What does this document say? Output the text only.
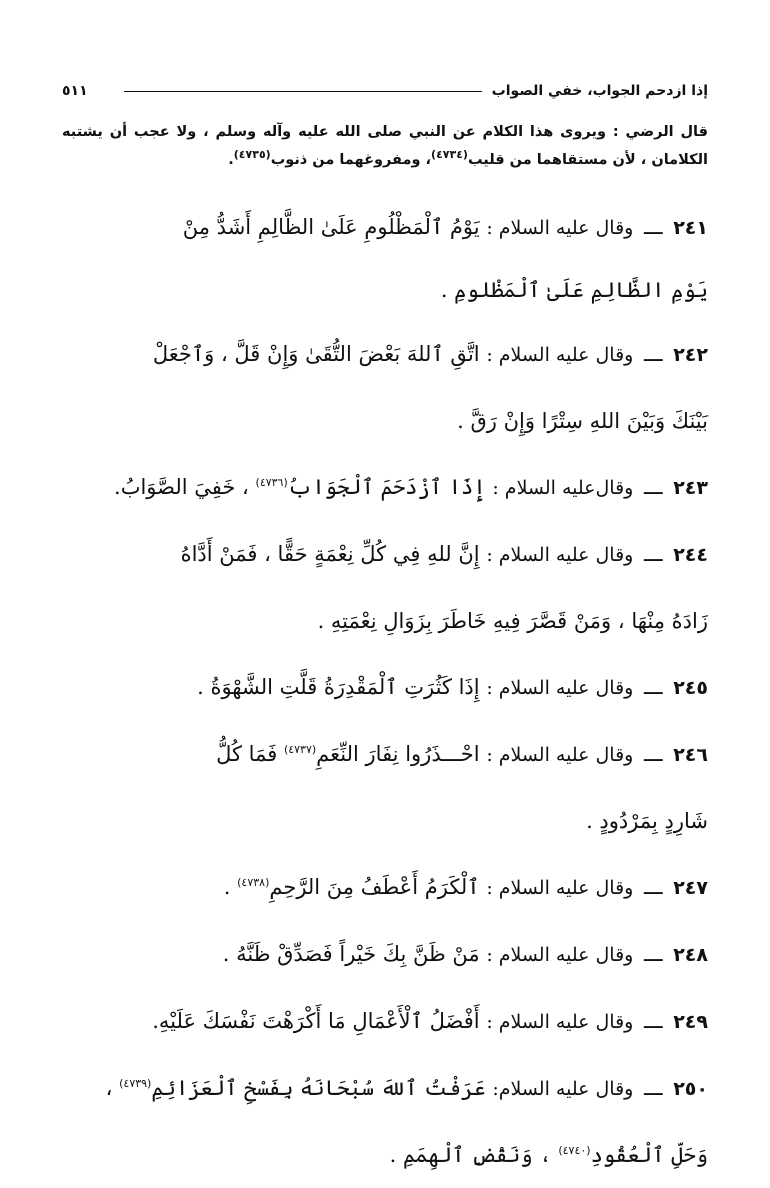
إذا ازدحم الجواب، خفي الصواب
٥١١
قال الرضي : ويروى هذا الكلام عن النبي صلى الله عليه وآله وسلم ، ولا عجب أن يشتبه الكلامان ، لأن مستقاهما من قليب$^{(٤٧٣٤)}$، ومفروغهما من ذنوب$^{(٤٧٣٥)}$.
٢٤١ ـــ وقال عليه السلام : يَوْمُ ٱلْمَظْلُومِ عَلَىٰ الظَّالِمِ أَشَدُّ مِنْ
يَوْمِ الظَّالِمِ عَلَىٰ ٱلْمَظْلومِ .
٢٤٢ ـــ وقال عليه السلام : اتَّقِ ٱللهَ بَعْضَ التُّقَىٰ وَإِنْ قَلَّ ، وَٱجْعَلْ
بَيْنَكَ وَبَيْنَ اللهِ سِتْرًا وَإِنْ رَقَّ .
٢٤٣ ـــ وقال‌عليه السلام : إِذَا ٱزْدَحَمَ ٱلْجَوَابُ$^{(٤٧٣٦)}$ ، خَفِيَ الصَّوَابُ.
٢٤٤ ـــ وقال عليه السلام : إِنَّ للهِ فِي كُلِّ نِعْمَةٍ حَقًّا ، فَمَنْ أَدَّاهُ
زَادَهُ مِنْهَا ، وَمَنْ قَصَّرَ فِيهِ خَاطَرَ بِزَوَالِ نِعْمَتِهِ .
٢٤٥ ـــ وقال عليه السلام : إِذَا كَثُرَتِ ٱلْمَقْدِرَةُ قَلَّتِ الشَّهْوَةُ .
٢٤٦ ـــ وقال عليه السلام : احْـــذَرُوا نِفَارَ النِّعَمِ$^{(٤٧٣٧)}$ فَمَا كُلُّ
شَارِدٍ بِمَرْدُودٍ .
٢٤٧ ـــ وقال عليه السلام : ٱلْكَرَمُ أَعْطَفُ مِنَ الرَّحِمِ$^{(٤٧٣٨)}$ .
٢٤٨ ـــ وقال عليه السلام : مَنْ ظَنَّ بِكَ خَيْراً فَصَدِّقْ ظَنَّهُ .
٢٤٩ ـــ وقال عليه السلام : أَفْضَلُ ٱلْأَعْمَالِ مَا أَكْرَهْتَ نَفْسَكَ عَلَيْهِ.
٢٥٠ ـــ وقال عليه السلام: عَرَفْتُ ٱللهَ سُبْحَانَهُ بِفَسْخِ ٱلْعَزَائِمِ$^{(٤٧٣٩)}$ ،
وَحَلِّ ٱلْعُقُودِ$^{(٤٧٤٠)}$ ، وَنَقْضِ ٱلْهِمَمِ .
